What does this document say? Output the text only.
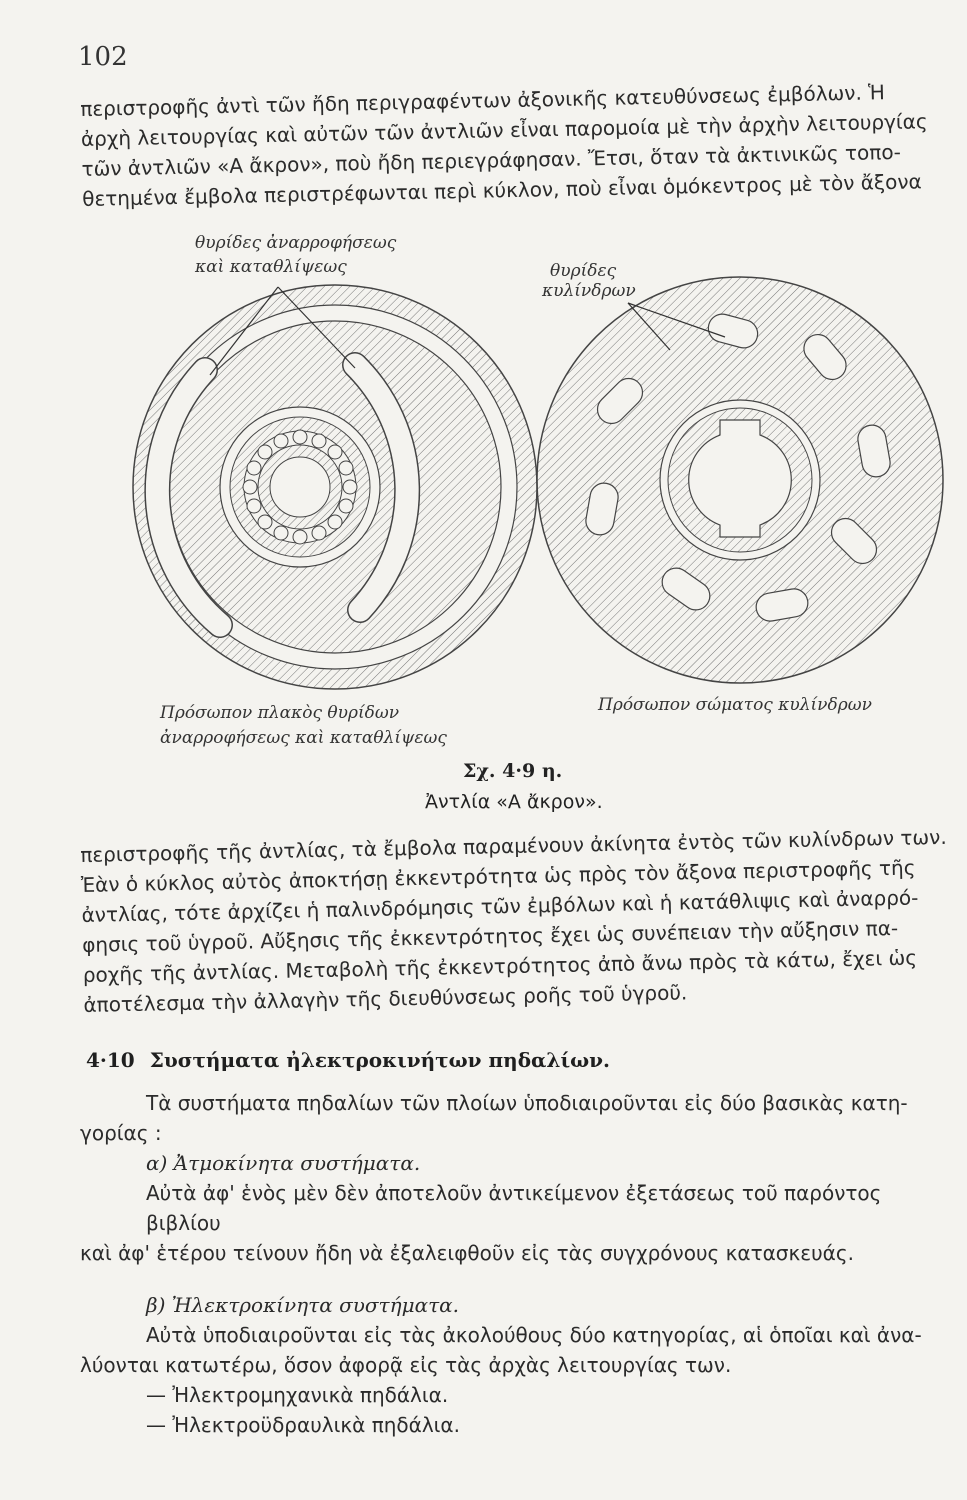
102
περιστροφῆς ἀντὶ τῶν ἤδη περιγραφέντων ἀξονικῆς κατευθύνσεως ἐμβόλων. Ἡ
ἀρχὴ λειτουργίας καὶ αὐτῶν τῶν ἀντλιῶν εἶναι παρομοία μὲ τὴν ἀρχὴν λειτουργίας
τῶν ἀντλιῶν «Α ἄκρον», ποὺ ἤδη περιεγράφησαν. Ἔτσι, ὅταν τὰ ἀκτινικῶς τοπο-
θετημένα ἔμβολα περιστρέφωνται περὶ κύκλον, ποὺ εἶναι ὁμόκεντρος μὲ τὸν ἄξονα
θυρίδες ἀναρροφήσεως
καὶ καταθλίψεως	θυρίδες
κυλίνδρων
Πρόσωπον πλακὸς θυρίδων
ἀναρροφήσεως καὶ καταθλίψεως
Πρόσωπον σώματος κυλίνδρων
Σχ. 4·9 η.
Ἀντλία «Α ἄκρον».
περιστροφῆς τῆς ἀντλίας, τὰ ἔμβολα παραμένουν ἀκίνητα ἐντὸς τῶν κυλίνδρων των.
Ἐὰν ὁ κύκλος αὐτὸς ἀποκτήσῃ ἐκκεντρότητα ὡς πρὸς τὸν ἄξονα περιστροφῆς τῆς
ἀντλίας, τότε ἀρχίζει ἡ παλινδρόμησις τῶν ἐμβόλων καὶ ἡ κατάθλιψις καὶ ἀναρρό-
φησις τοῦ ὑγροῦ. Αὔξησις τῆς ἐκκεντρότητος ἔχει ὡς συνέπειαν τὴν αὔξησιν πα-
ροχῆς τῆς ἀντλίας. Μεταβολὴ τῆς ἐκκεντρότητος ἀπὸ ἄνω πρὸς τὰ κάτω, ἔχει ὡς
ἀποτέλεσμα τὴν ἀλλαγὴν τῆς διευθύνσεως ροῆς τοῦ ὑγροῦ.
4·10 Συστήματα ἠλεκτροκινήτων πηδαλίων.
Τὰ συστήματα πηδαλίων τῶν πλοίων ὑποδιαιροῦνται εἰς δύο βασικὰς κατη-
γορίας :
α) Ἀτμοκίνητα συστήματα.
Αὐτὰ ἀφ' ἑνὸς μὲν δὲν ἀποτελοῦν ἀντικείμενον ἐξετάσεως τοῦ παρόντος βιβλίου
καὶ ἀφ' ἑτέρου τείνουν ἤδη νὰ ἐξαλειφθοῦν εἰς τὰς συγχρόνους κατασκευάς.
β) Ἠλεκτροκίνητα συστήματα.
Αὐτὰ ὑποδιαιροῦνται εἰς τὰς ἀκολούθους δύο κατηγορίας, αἱ ὁποῖαι καὶ ἀνα-
λύονται κατωτέρω, ὅσον ἀφορᾷ εἰς τὰς ἀρχὰς λειτουργίας των.
— Ἠλεκτρομηχανικὰ πηδάλια.
— Ἠλεκτροϋδραυλικὰ πηδάλια.
